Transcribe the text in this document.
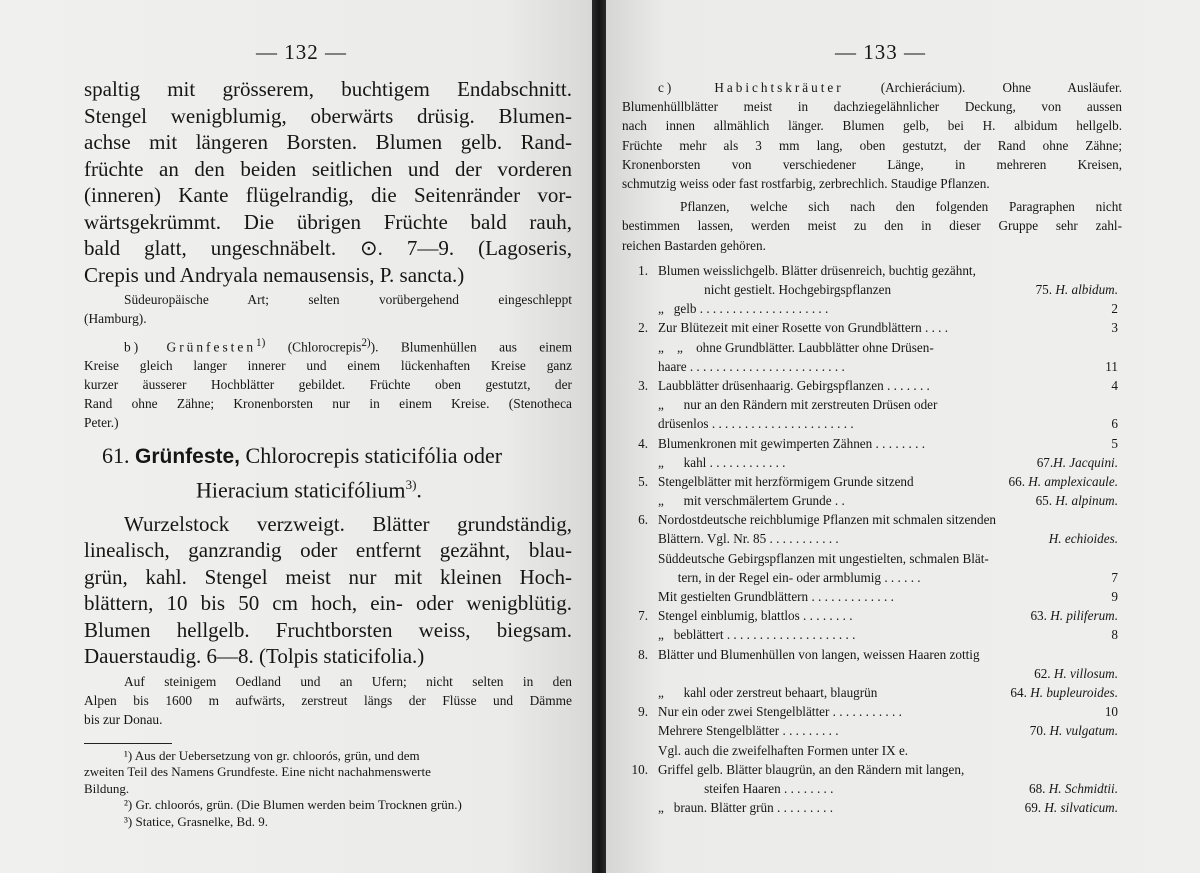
— 132 —

spaltig mit grösserem, buchtigem Endabschnitt.
Stengel wenigblumig, oberwärts drüsig. Blumen-
achse mit längeren Borsten. Blumen gelb. Rand-
früchte an den beiden seitlichen und der vorderen
(inneren) Kante flügelrandig, die Seitenränder vor-
wärtsgekrümmt. Die übrigen Früchte bald rauh,
bald glatt, ungeschnäbelt. ⊙. 7—9. (Lagoseris,
Crepis und Andryala nemausensis, P. sancta.)

Südeuropäische Art; selten vorübergehend eingeschleppt
(Hamburg).

b) Grünfesten$^{1)}$ (Chlorocrepis$^{2)}$). Blumenhüllen aus einem
Kreise gleich langer innerer und einem lückenhaften Kreise ganz
kurzer äusserer Hochblätter gebildet. Früchte oben gestutzt, der
Rand ohne Zähne; Kronenborsten nur in einem Kreise. (Stenotheca
Peter.)

61. Grünfeste, Chlorocrepis staticifólia oder
Hieracium staticifólium$^{3)}$.

Wurzelstock verzweigt. Blätter grundständig,
linealisch, ganzrandig oder entfernt gezähnt, blau-
grün, kahl. Stengel meist nur mit kleinen Hoch-
blättern, 10 bis 50 cm hoch, ein- oder wenigblütig.
Blumen hellgelb. Fruchtborsten weiss, biegsam.
Dauerstaudig. 6—8. (Tolpis staticifolia.)

Auf steinigem Oedland und an Ufern; nicht selten in den
Alpen bis 1600 m aufwärts, zerstreut längs der Flüsse und Dämme
bis zur Donau.

¹) Aus der Uebersetzung von gr. chloorós, grün, und dem
zweiten Teil des Namens Grundfeste. Eine nicht nachahmenswerte
Bildung.
²) Gr. chloorós, grün. (Die Blumen werden beim Trocknen grün.)
³) Statice, Grasnelke, Bd. 9.
— 133 —

c) Habichtskräuter (Archierácium). Ohne Ausläufer.
Blumenhüllblätter meist in dachziegelähnlicher Deckung, von aussen
nach innen allmählich länger. Blumen gelb, bei H. albidum hellgelb.
Früchte mehr als 3 mm lang, oben gestutzt, der Rand ohne Zähne;
Kronenborsten von verschiedener Länge, in mehreren Kreisen,
schmutzig weiss oder fast rostfarbig, zerbrechlich. Staudige Pflanzen.

Pflanzen, welche sich nach den folgenden Paragraphen nicht
bestimmen lassen, werden meist zu den in dieser Gruppe sehr zahl-
reichen Bastarden gehören.

1. Blumen weisslichgelb. Blätter drüsenreich, buchtig gezähnt,
nicht gestielt. Hochgebirgspflanzen	75. H. albidum.
„   gelb . . . . . . . . . . . . . . . . . . . .	2
2. Zur Blütezeit mit einer Rosette von Grundblättern . . . .	3
„    „    ohne Grundblätter. Laubblätter ohne Drüsen-
haare . . . . . . . . . . . . . . . . . . . . . . . .	11
3. Laubblätter drüsenhaarig. Gebirgspflanzen . . . . . . .	4
„      nur an den Rändern mit zerstreuten Drüsen oder
drüsenlos . . . . . . . . . . . . . . . . . . . . . .	6
4. Blumenkronen mit gewimperten Zähnen . . . . . . . .	5
„      kahl . . . . . . . . . . . .	67.H. Jacquini.
5. Stengelblätter mit herzförmigem Grunde sitzend	66. H. amplexicaule.
„      mit verschmälertem Grunde . .	65. H. alpinum.
6. Nordostdeutsche reichblumige Pflanzen mit schmalen sitzenden
Blättern. Vgl. Nr. 85 . . . . . . . . . . .	H. echioides.
Süddeutsche Gebirgspflanzen mit ungestielten, schmalen Blät-
tern, in der Regel ein- oder armblumig . . . . . .	7
Mit gestielten Grundblättern . . . . . . . . . . . . .	9
7. Stengel einblumig, blattlos . . . . . . . .	63. H. piliferum.
„   beblättert . . . . . . . . . . . . . . . . . . . .	8
8. Blätter und Blumenhüllen von langen, weissen Haaren zottig
62. H. villosum.
„      kahl oder zerstreut behaart, blaugrün	64. H. bupleuroides.
9. Nur ein oder zwei Stengelblätter . . . . . . . . . . .	10
Mehrere Stengelblätter . . . . . . . . .	70. H. vulgatum.
Vgl. auch die zweifelhaften Formen unter IX e.
10. Griffel gelb. Blätter blaugrün, an den Rändern mit langen,
steifen Haaren . . . . . . . .	68. H. Schmidtii.
„   braun. Blätter grün . . . . . . . . .	69. H. silvaticum.
